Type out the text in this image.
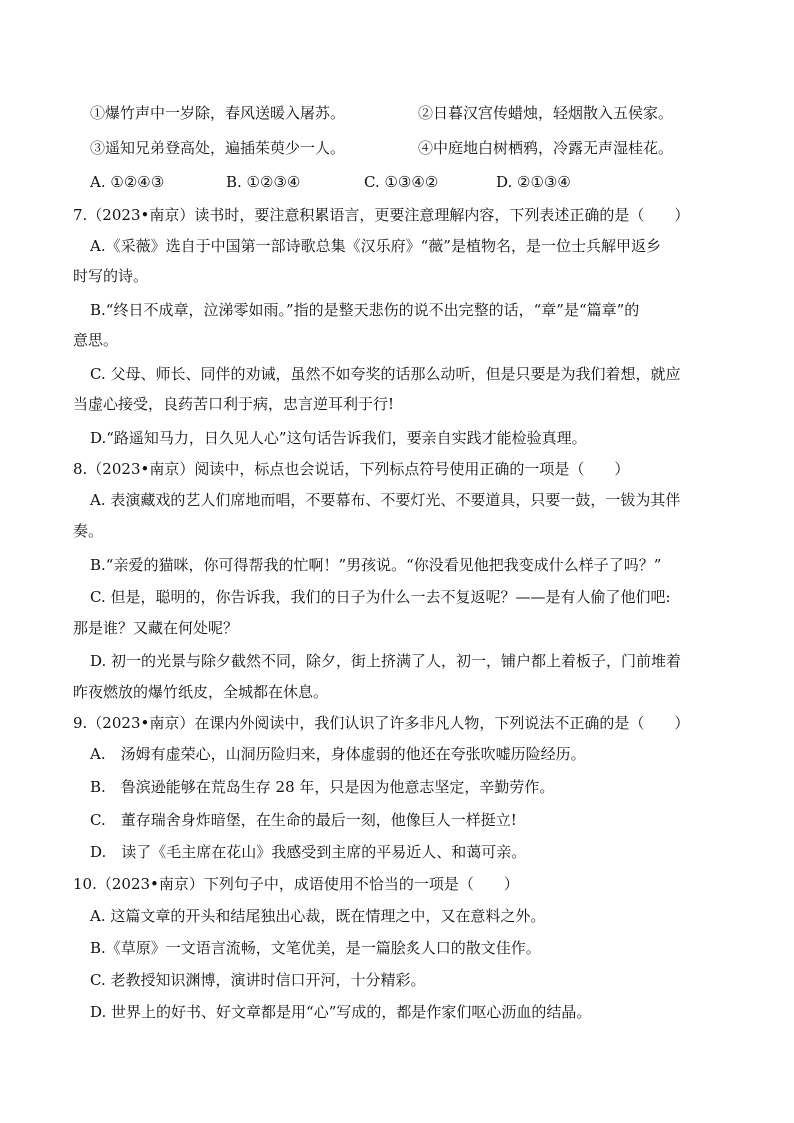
①爆竹声中一岁除，春风送暖入屠苏。	②日暮汉宫传蜡烛，轻烟散入五侯家。
③遥知兄弟登高处，遍插茱萸少一人。	④中庭地白树栖鸦，冷露无声湿桂花。
A. ①②④③	B. ①②③④	C. ①③④②	D. ②①③④
7.（2023•南京）读书时，要注意积累语言，更要注意理解内容，下列表述正确的是（　　）
A.《采薇》选自于中国第一部诗歌总集《汉乐府》“薇”是植物名，是一位士兵解甲返乡
时写的诗。
B.“终日不成章，泣涕零如雨。”指的是整天悲伤的说不出完整的话，“章”是“篇章”的
意思。
C. 父母、师长、同伴的劝诫，虽然不如夸奖的话那么动听，但是只要是为我们着想，就应
当虚心接受，良药苦口利于病，忠言逆耳利于行!
D.“路遥知马力，日久见人心”这句话告诉我们，要亲自实践才能检验真理。
8.（2023•南京）阅读中，标点也会说话，下列标点符号使用正确的一项是（　　）
A. 表演藏戏的艺人们席地而唱，不要幕布、不要灯光、不要道具，只要一鼓，一钹为其伴
奏。
B.“亲爱的猫咪，你可得帮我的忙啊！”男孩说。“你没看见他把我变成什么样子了吗？”
C. 但是，聪明的，你告诉我，我们的日子为什么一去不复返呢？——是有人偷了他们吧:
那是谁？又藏在何处呢？
D. 初一的光景与除夕截然不同，除夕，街上挤满了人，初一，铺户都上着板子，门前堆着
昨夜燃放的爆竹纸皮，全城都在休息。
9.（2023•南京）在课内外阅读中，我们认识了许多非凡人物，下列说法不正确的是（　　）
A.　汤姆有虚荣心，山洞历险归来，身体虚弱的他还在夸张吹嘘历险经历。
B.　鲁滨逊能够在荒岛生存 28 年，只是因为他意志坚定，辛勤劳作。
C.　董存瑞舍身炸暗堡，在生命的最后一刻，他像巨人一样挺立!
D.　读了《毛主席在花山》我感受到主席的平易近人、和蔼可亲。
10.（2023•南京）下列句子中，成语使用不恰当的一项是（　　）
A. 这篇文章的开头和结尾独出心裁，既在情理之中，又在意料之外。
B.《草原》一文语言流畅，文笔优美，是一篇脍炙人口的散文佳作。
C. 老教授知识渊博，演讲时信口开河，十分精彩。
D. 世界上的好书、好文章都是用“心”写成的，都是作家们呕心沥血的结晶。
